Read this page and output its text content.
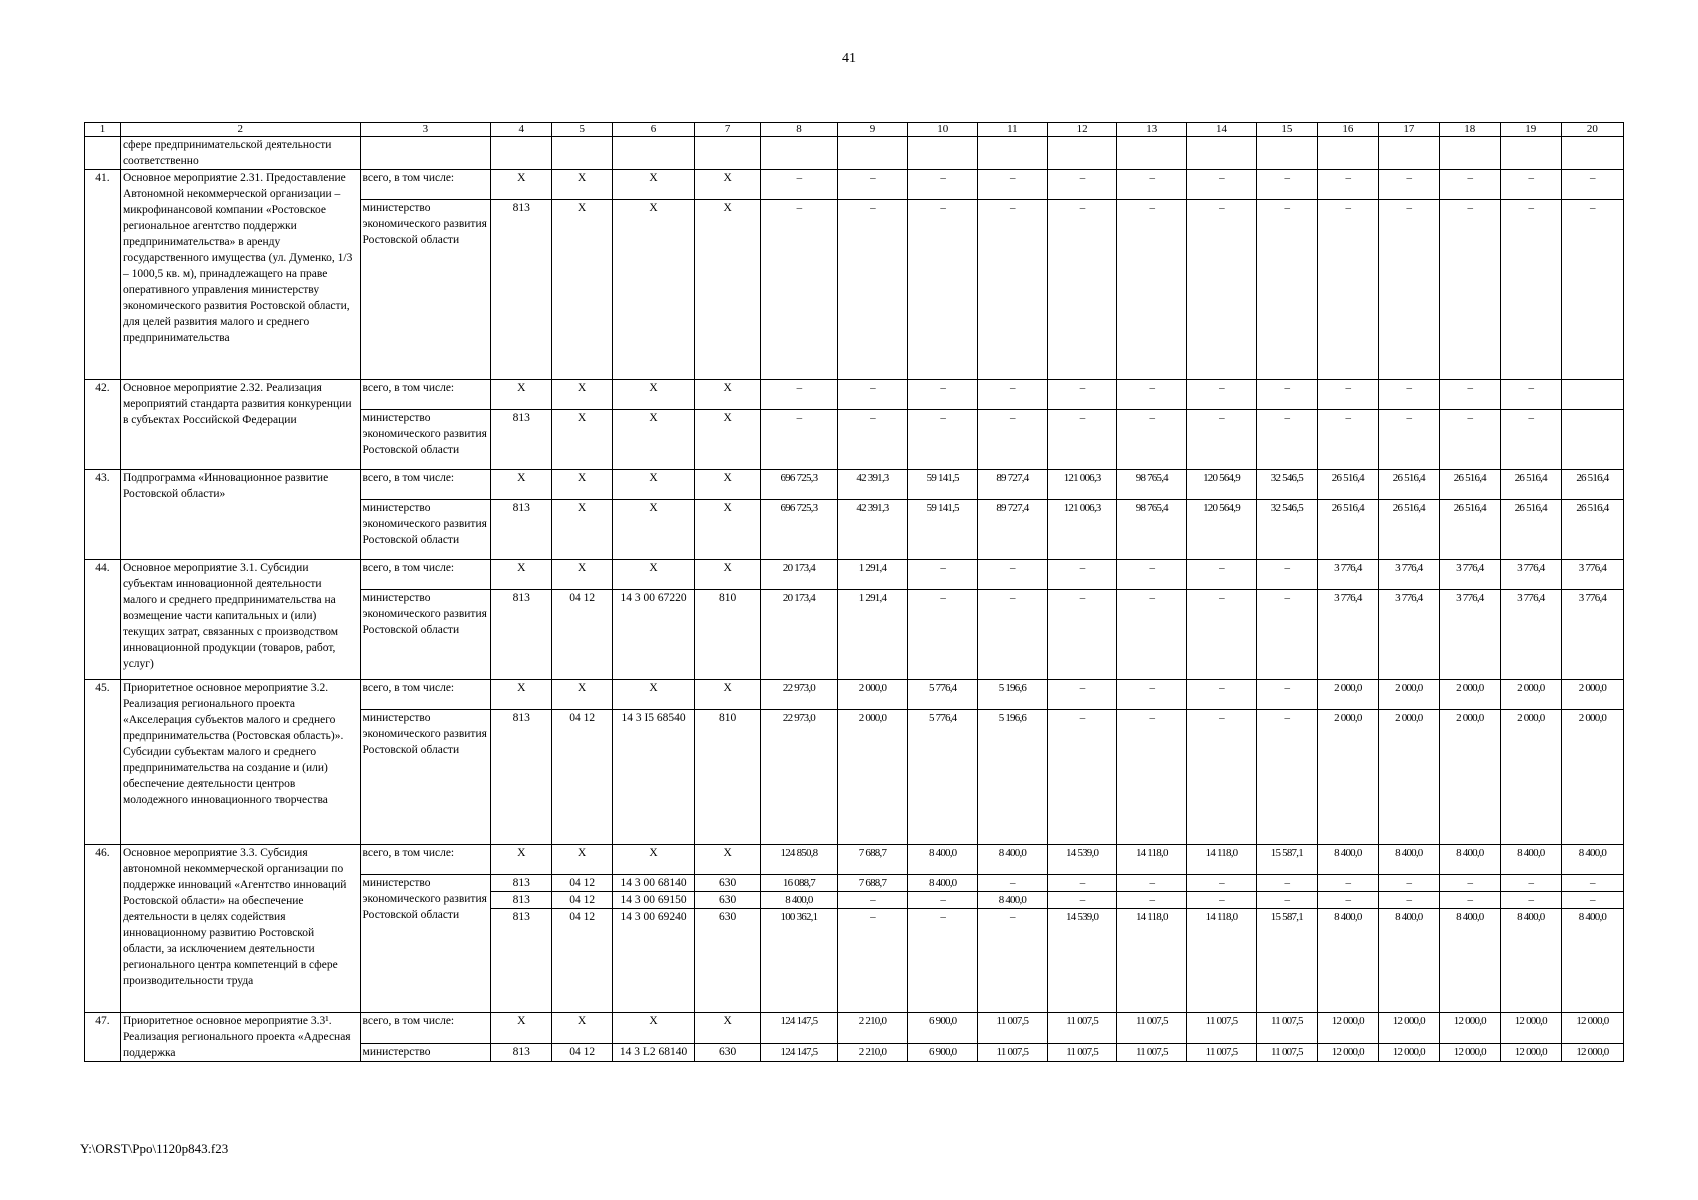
41
1	2	3	4	5	6	7	8	9	10	11	12	13	14	15	16	17	18	19	20
	сфере предпринимательской деятельности соответственно																		
41.	Основное мероприятие 2.31. Предоставление Автономной некоммерческой организации – микрофинансовой компании «Ростовское региональное агентство поддержки предпринимательства» в аренду государственного имущества (ул. Думенко, 1/3 – 1000,5 кв. м), принадлежащего на праве оперативного управления министерству экономического развития Ростовской области, для целей развития малого и среднего предпринимательства	всего, в том числе:	X	X	X	X	–	–	–	–	–	–	–	–	–	–	–	–	–
		министерство экономического развития Ростовской области	813	X	X	X	–	–	–	–	–	–	–	–	–	–	–	–	–
42.	Основное мероприятие 2.32. Реализация мероприятий стандарта развития конкуренции в субъектах Российской Федерации	всего, в том числе:	X	X	X	X	–	–	–	–	–	–	–	–	–	–	–	–	
		министерство экономического развития Ростовской области	813	X	X	X	–	–	–	–	–	–	–	–	–	–	–	–	
43.	Подпрограмма «Инновационное развитие Ростовской области»	всего, в том числе:	X	X	X	X	696 725,3	42 391,3	59 141,5	89 727,4	121 006,3	98 765,4	120 564,9	32 546,5	26 516,4	26 516,4	26 516,4	26 516,4	26 516,4
		министерство экономического развития Ростовской области	813	X	X	X	696 725,3	42 391,3	59 141,5	89 727,4	121 006,3	98 765,4	120 564,9	32 546,5	26 516,4	26 516,4	26 516,4	26 516,4	26 516,4
44.	Основное мероприятие 3.1. Субсидии субъектам инновационной деятельности малого и среднего предпринимательства на возмещение части капитальных и (или) текущих затрат, связанных с производством инновационной продукции (товаров, работ, услуг)	всего, в том числе:	X	X	X	X	20 173,4	1 291,4	–	–	–	–	–	–	3 776,4	3 776,4	3 776,4	3 776,4	3 776,4
		министерство экономического развития Ростовской области	813	04 12	14 3 00 67220	810	20 173,4	1 291,4	–	–	–	–	–	–	3 776,4	3 776,4	3 776,4	3 776,4	3 776,4
45.	Приоритетное основное мероприятие 3.2. Реализация регионального проекта «Акселерация субъектов малого и среднего предпринимательства (Ростовская область)». Субсидии субъектам малого и среднего предпринимательства на создание и (или) обеспечение деятельности центров молодежного инновационного творчества	всего, в том числе:	X	X	X	X	22 973,0	2 000,0	5 776,4	5 196,6	–	–	–	–	2 000,0	2 000,0	2 000,0	2 000,0	2 000,0
		министерство экономического развития Ростовской области	813	04 12	14 3 I5 68540	810	22 973,0	2 000,0	5 776,4	5 196,6	–	–	–	–	2 000,0	2 000,0	2 000,0	2 000,0	2 000,0
46.	Основное мероприятие 3.3. Субсидия автономной некоммерческой организации по поддержке инноваций «Агентство инноваций Ростовской области» на обеспечение деятельности в целях содействия инновационному развитию Ростовской области, за исключением деятельности регионального центра компетенций в сфере производительности труда	всего, в том числе:	X	X	X	X	124 850,8	7 688,7	8 400,0	8 400,0	14 539,0	14 118,0	14 118,0	15 587,1	8 400,0	8 400,0	8 400,0	8 400,0	8 400,0
		министерство экономического развития Ростовской области	813	04 12	14 3 00 68140	630	16 088,7	7 688,7	8 400,0	–	–	–	–	–	–	–	–	–	–
			813	04 12	14 3 00 69150	630	8 400,0	–	–	8 400,0	–	–	–	–	–	–	–	–	–
			813	04 12	14 3 00 69240	630	100 362,1	–	–	–	14 539,0	14 118,0	14 118,0	15 587,1	8 400,0	8 400,0	8 400,0	8 400,0	8 400,0
47.	Приоритетное основное мероприятие 3.3¹. Реализация регионального проекта «Адресная поддержка	всего, в том числе:	X	X	X	X	124 147,5	2 210,0	6 900,0	11 007,5	11 007,5	11 007,5	11 007,5	11 007,5	12 000,0	12 000,0	12 000,0	12 000,0	12 000,0
		министерство	813	04 12	14 3 L2 68140	630	124 147,5	2 210,0	6 900,0	11 007,5	11 007,5	11 007,5	11 007,5	11 007,5	12 000,0	12 000,0	12 000,0	12 000,0	12 000,0
Y:\ORST\Ppo\1120p843.f23
